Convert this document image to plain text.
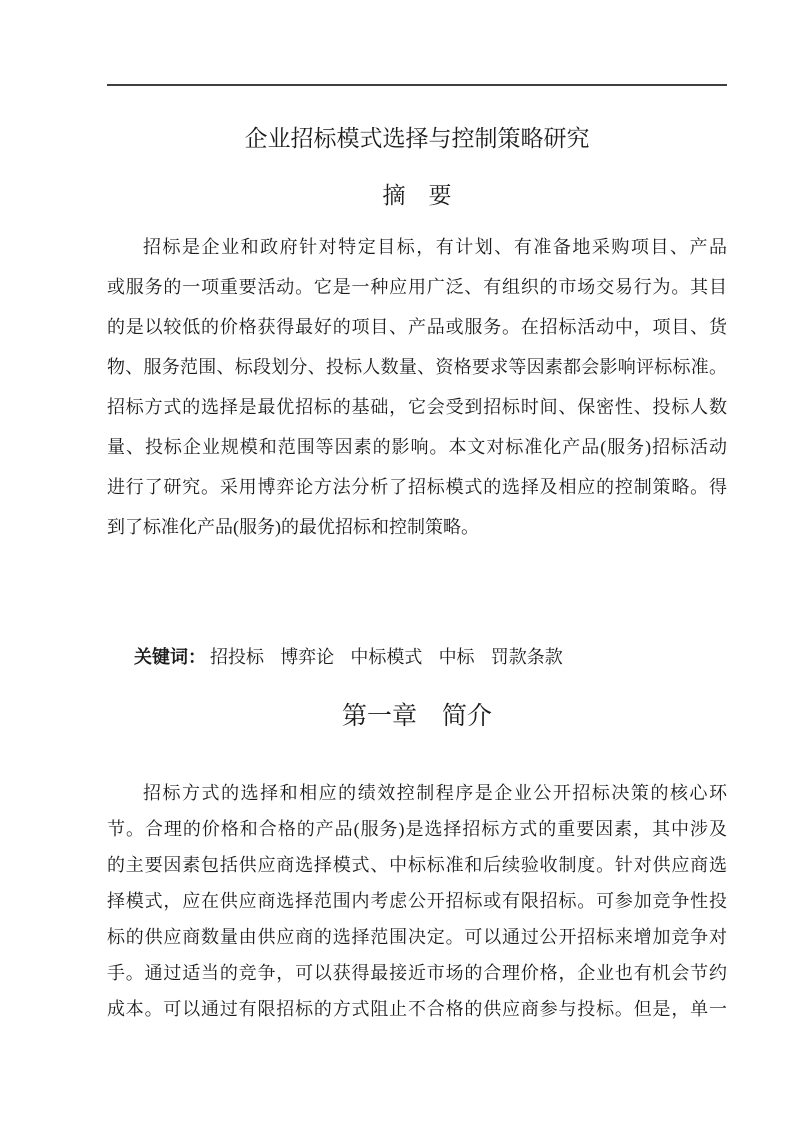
企业招标模式选择与控制策略研究
摘　要
招标是企业和政府针对特定目标，有计划、有准备地采购项目、产品
或服务的一项重要活动。它是一种应用广泛、有组织的市场交易行为。其目
的是以较低的价格获得最好的项目、产品或服务。在招标活动中，项目、货
物、服务范围、标段划分、投标人数量、资格要求等因素都会影响评标标准。
招标方式的选择是最优招标的基础，它会受到招标时间、保密性、投标人数
量、投标企业规模和范围等因素的影响。本文对标准化产品(服务)招标活动
进行了研究。采用博弈论方法分析了招标模式的选择及相应的控制策略。得
到了标准化产品(服务)的最优招标和控制策略。
关键词： 招投标 博弈论 中标模式 中标 罚款条款
第一章　简介
招标方式的选择和相应的绩效控制程序是企业公开招标决策的核心环
节。合理的价格和合格的产品(服务)是选择招标方式的重要因素，其中涉及
的主要因素包括供应商选择模式、中标标准和后续验收制度。针对供应商选
择模式，应在供应商选择范围内考虑公开招标或有限招标。可参加竞争性投
标的供应商数量由供应商的选择范围决定。可以通过公开招标来增加竞争对
手。通过适当的竞争，可以获得最接近市场的合理价格，企业也有机会节约
成本。可以通过有限招标的方式阻止不合格的供应商参与投标。但是，单一
